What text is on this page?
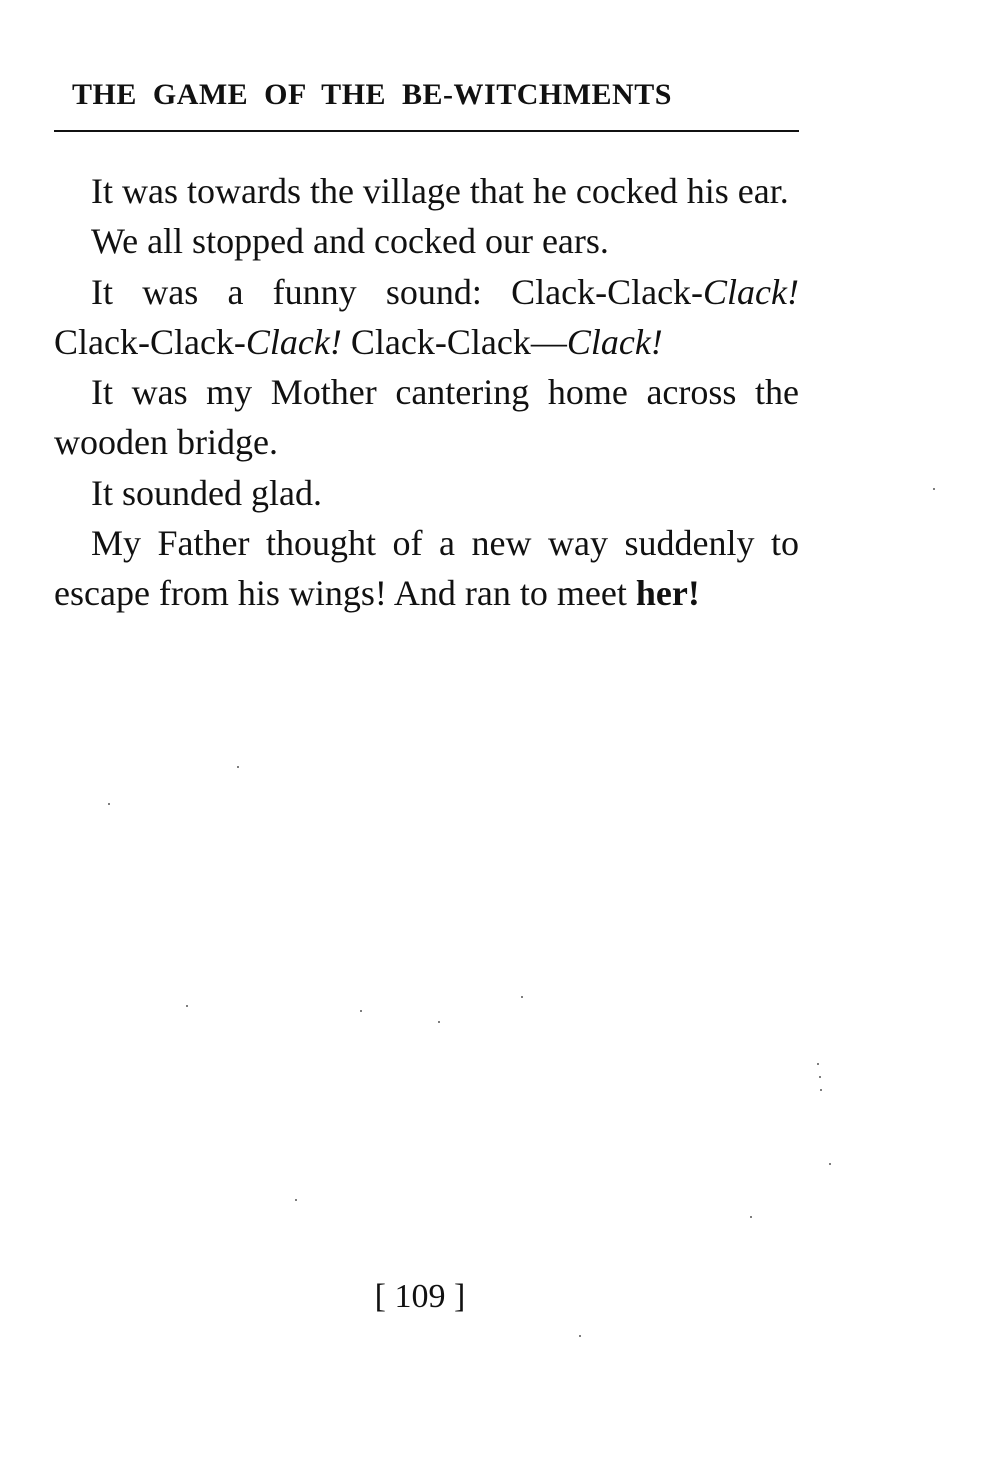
THE GAME OF THE BE-WITCHMENTS

It was towards the village that he cocked his ear.

We all stopped and cocked our ears.

It was a funny sound: Clack-Clack-Clack! Clack-Clack-Clack! Clack-Clack—Clack!

It was my Mother cantering home across the wooden bridge.

It sounded glad.

My Father thought of a new way suddenly to escape from his wings! And ran to meet her!

[ 109 ]
